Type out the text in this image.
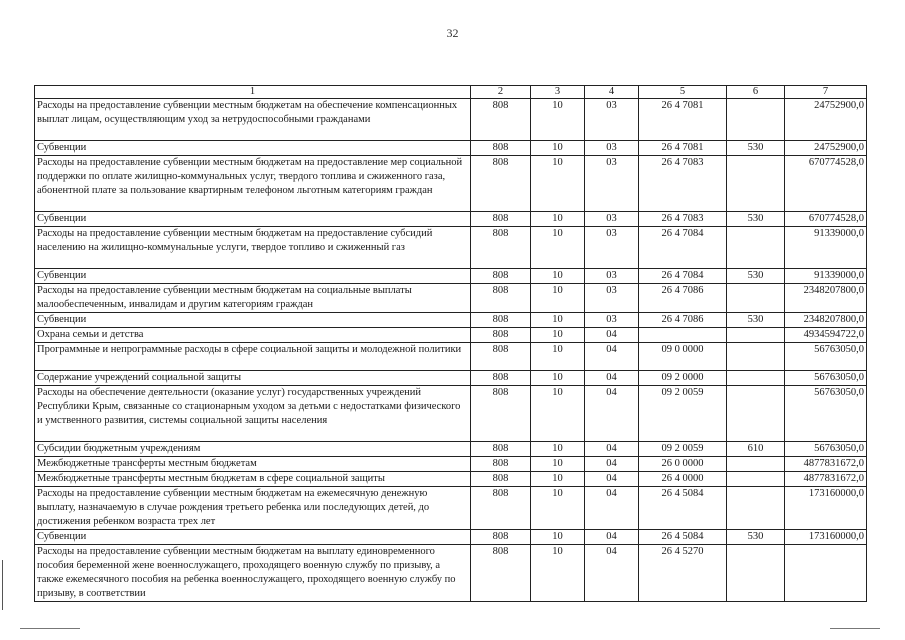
32
1	2	3	4	5	6	7
Расходы на предоставление субвенции местным бюджетам на обеспечение компенсационных выплат лицам, осуществляющим уход за нетрудоспособными гражданами	808	10	03	26 4 7081		24752900,0
Субвенции	808	10	03	26 4 7081	530	24752900,0
Расходы на предоставление субвенции местным бюджетам на предоставление мер социальной поддержки по оплате жилищно-коммунальных услуг, твердого топлива и сжиженного газа, абонентной плате за пользование квартирным телефоном льготным категориям граждан	808	10	03	26 4 7083		670774528,0
Субвенции	808	10	03	26 4 7083	530	670774528,0
Расходы на предоставление субвенции местным бюджетам на предоставление субсидий населению на жилищно-коммунальные услуги, твердое топливо и сжиженный газ	808	10	03	26 4 7084		91339000,0
Субвенции	808	10	03	26 4 7084	530	91339000,0
Расходы на предоставление субвенции местным бюджетам на социальные выплаты малообеспеченным, инвалидам и другим категориям граждан	808	10	03	26 4 7086		2348207800,0
Субвенции	808	10	03	26 4 7086	530	2348207800,0
Охрана семьи и детства	808	10	04			4934594722,0
Программные и непрограммные расходы в сфере социальной защиты и молодежной политики	808	10	04	09 0 0000		56763050,0
Содержание учреждений социальной защиты	808	10	04	09 2 0000		56763050,0
Расходы на обеспечение деятельности (оказание услуг) государственных учреждений Республики Крым, связанные со стационарным уходом за детьми с недостатками физического и умственного развития, системы социальной защиты населения	808	10	04	09 2 0059		56763050,0
Субсидии бюджетным учреждениям	808	10	04	09 2 0059	610	56763050,0
Межбюджетные трансферты местным бюджетам	808	10	04	26 0 0000		4877831672,0
Межбюджетные трансферты местным бюджетам в сфере социальной защиты	808	10	04	26 4 0000		4877831672,0
Расходы на предоставление субвенции местным бюджетам на ежемесячную денежную выплату, назначаемую в случае рождения третьего ребенка или последующих детей, до достижения ребенком возраста трех лет	808	10	04	26 4 5084		173160000,0
Субвенции	808	10	04	26 4 5084	530	173160000,0
Расходы на предоставление субвенции местным бюджетам на выплату единовременного пособия беременной жене военнослужащего, проходящего военную службу по призыву, а также ежемесячного пособия на ребенка военнослужащего, проходящего военную службу по призыву, в соответствии	808	10	04	26 4 5270		
